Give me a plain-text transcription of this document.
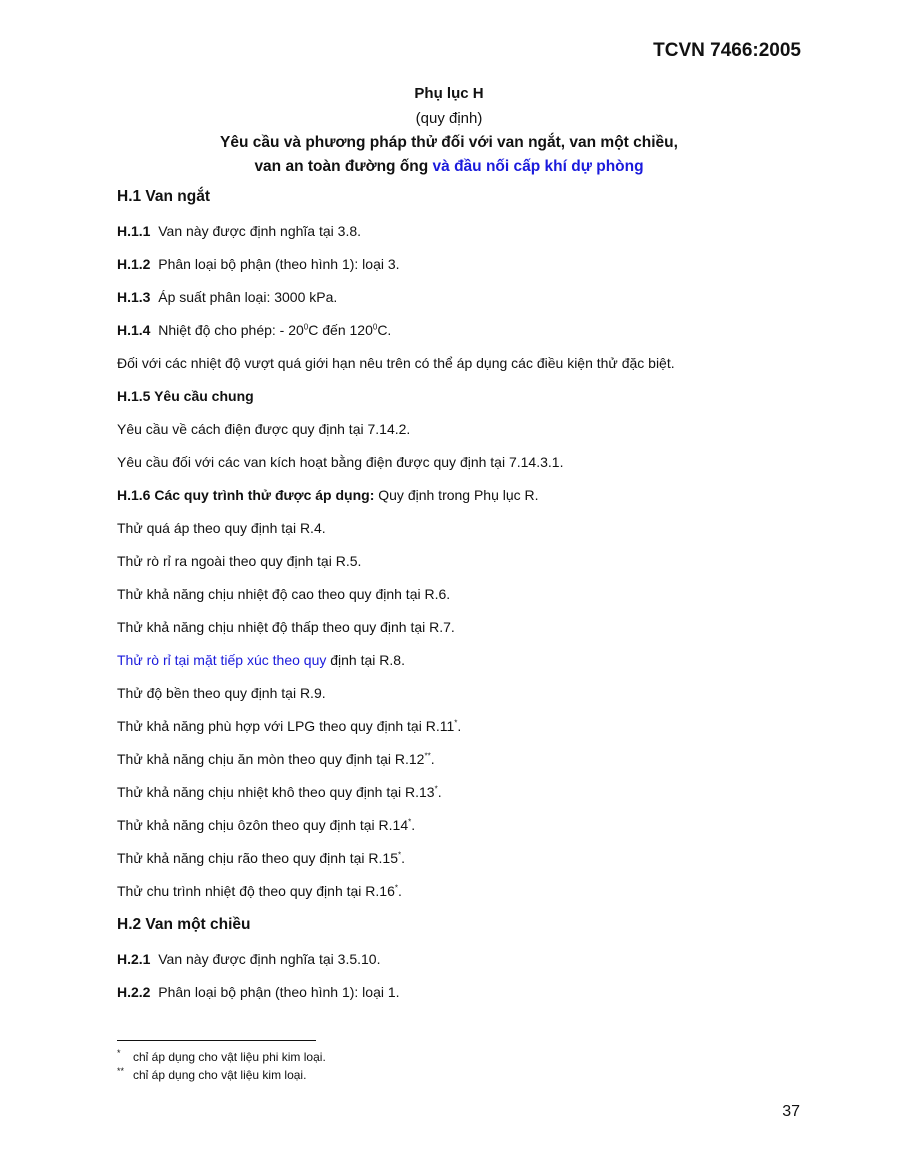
TCVN 7466:2005
Phụ lục H
(quy định)
Yêu cầu và phương pháp thử đối với van ngắt, van một chiều,
van an toàn đường ống và đầu nối cấp khí dự phòng
H.1 Van ngắt
H.1.1 Van này được định nghĩa tại 3.8.
H.1.2 Phân loại bộ phận (theo hình 1): loại 3.
H.1.3 Áp suất phân loại: 3000 kPa.
H.1.4 Nhiệt độ cho phép: - $20^0C$ đến $120^0C$.
Đối với các nhiệt độ vượt quá giới hạn nêu trên có thể áp dụng các điều kiện thử đặc biệt.
H.1.5 Yêu cầu chung
Yêu cầu về cách điện được quy định tại 7.14.2.
Yêu cầu đối với các van kích hoạt bằng điện được quy định tại 7.14.3.1.
H.1.6 Các quy trình thử được áp dụng: Quy định trong Phụ lục R.
Thử quá áp theo quy định tại R.4.
Thử rò rỉ ra ngoài theo quy định tại R.5.
Thử khả năng chịu nhiệt độ cao theo quy định tại R.6.
Thử khả năng chịu nhiệt độ thấp theo quy định tại R.7.
Thử rò rỉ tại mặt tiếp xúc theo quy định tại R.8.
Thử độ bền theo quy định tại R.9.
Thử khả năng phù hợp với LPG theo quy định tại R.11*.
Thử khả năng chịu ăn mòn theo quy định tại R.12**.
Thử khả năng chịu nhiệt khô theo quy định tại R.13*.
Thử khả năng chịu ôzôn theo quy định tại R.14*.
Thử khả năng chịu rão theo quy định tại R.15*.
Thử chu trình nhiệt độ theo quy định tại R.16*.
H.2 Van một chiều
H.2.1 Van này được định nghĩa tại 3.5.10.
H.2.2 Phân loại bộ phận (theo hình 1): loại 1.
* chỉ áp dụng cho vật liệu phi kim loại.
** chỉ áp dụng cho vật liệu kim loại.
37
